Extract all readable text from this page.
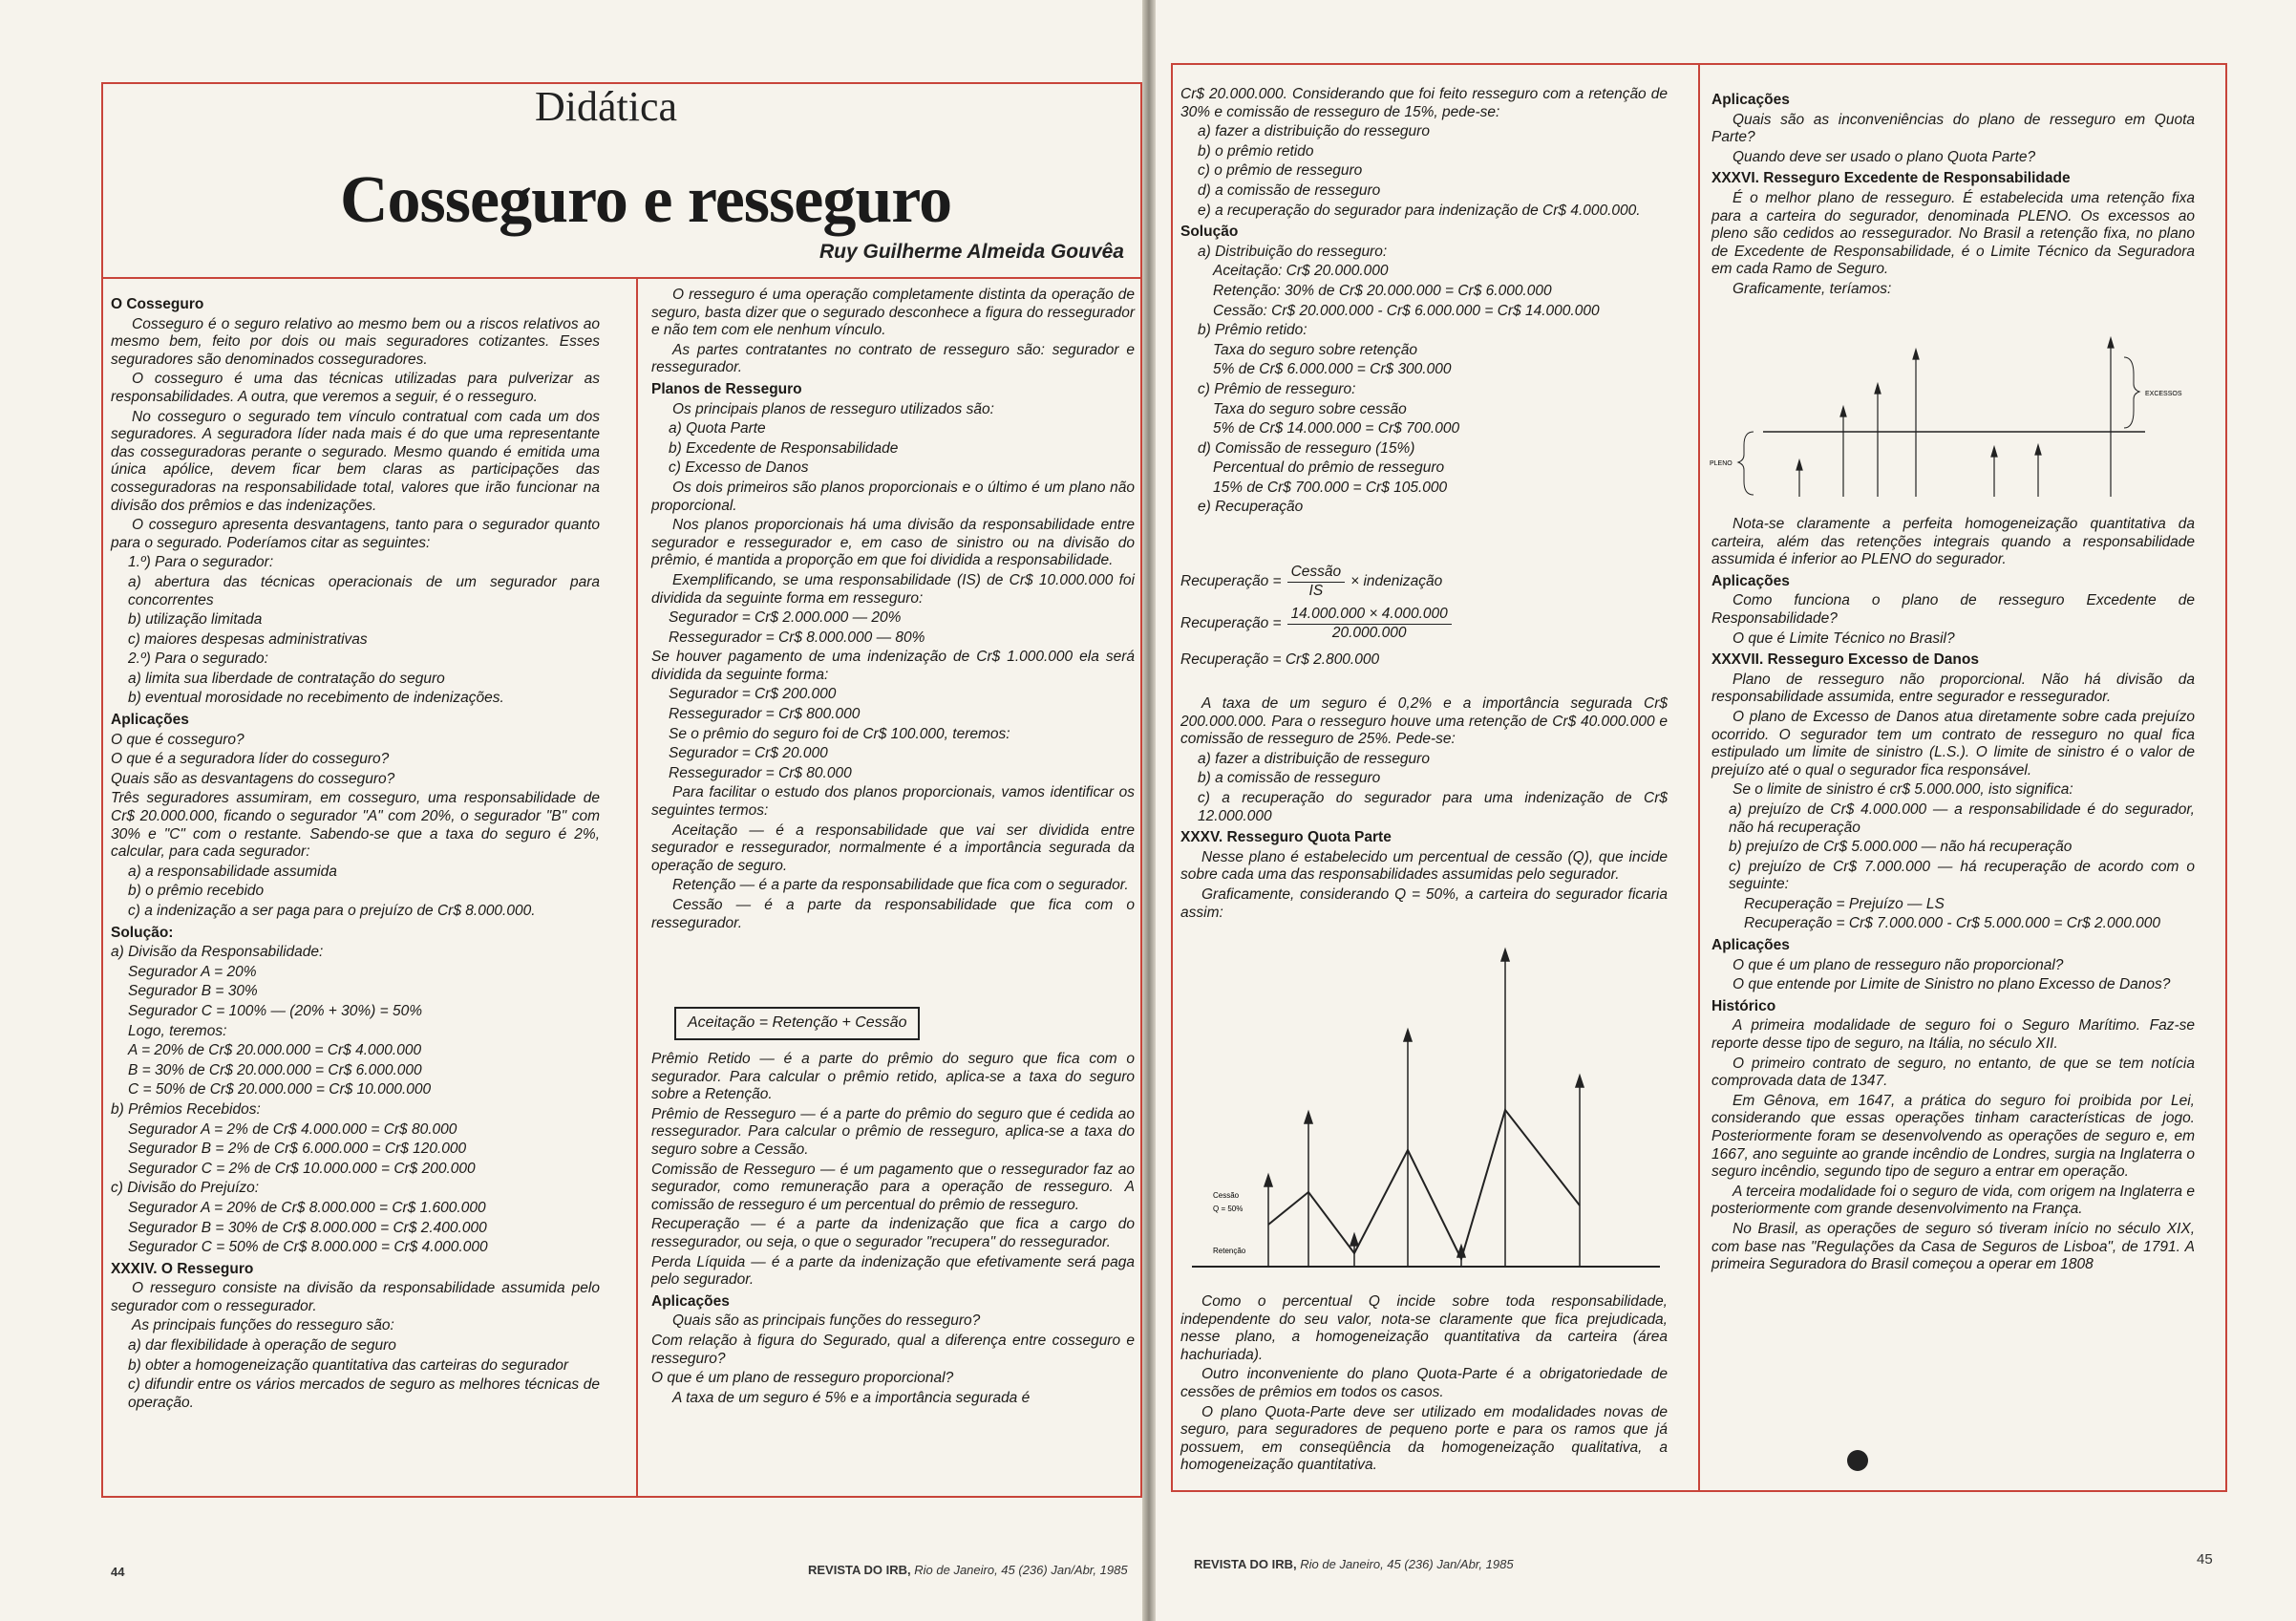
Didática
Cosseguro e resseguro
Ruy Guilherme Almeida Gouvêa

O Cosseguro

Cosseguro é o seguro relativo ao mesmo bem ou a riscos relativos ao mesmo bem, feito por dois ou mais seguradores cotizantes. Esses seguradores são denominados cosseguradores.

O cosseguro é uma das técnicas utilizadas para pulverizar as responsabilidades. A outra, que veremos a seguir, é o resseguro.

No cosseguro o segurado tem vínculo contratual com cada um dos seguradores. A seguradora líder nada mais é do que uma representante das cosseguradoras perante o segurado. Mesmo quando é emitida uma única apólice, devem ficar bem claras as participações das cosseguradoras na responsabilidade total, valores que irão funcionar na divisão dos prêmios e das indenizações.

O cosseguro apresenta desvantagens, tanto para o segurador quanto para o segurado. Poderíamos citar as seguintes:

1.º) Para o segurador:

a) abertura das técnicas operacionais de um segurador para concorrentes

b) utilização limitada

c) maiores despesas administrativas

2.º) Para o segurado:

a) limita sua liberdade de contratação do seguro

b) eventual morosidade no recebimento de indenizações.

Aplicações

O que é cosseguro?

O que é a seguradora líder do cosseguro?

Quais são as desvantagens do cosseguro?

Três seguradores assumiram, em cosseguro, uma responsabilidade de Cr$ 20.000.000, ficando o segurador "A" com 20%, o segurador "B" com 30% e "C" com o restante. Sabendo-se que a taxa do seguro é 2%, calcular, para cada segurador:

a) a responsabilidade assumida

b) o prêmio recebido

c) a indenização a ser paga para o prejuízo de Cr$ 8.000.000.

Solução:

a) Divisão da Responsabilidade:

Segurador A = 20%

Segurador B = 30%

Segurador C = 100% — (20% + 30%) = 50%

Logo, teremos:

A = 20% de Cr$ 20.000.000 = Cr$ 4.000.000

B = 30% de Cr$ 20.000.000 = Cr$ 6.000.000

C = 50% de Cr$ 20.000.000 = Cr$ 10.000.000

b) Prêmios Recebidos:

Segurador A = 2% de Cr$ 4.000.000 = Cr$ 80.000

Segurador B = 2% de Cr$ 6.000.000 = Cr$ 120.000

Segurador C = 2% de Cr$ 10.000.000 = Cr$ 200.000

c) Divisão do Prejuízo:

Segurador A = 20% de Cr$ 8.000.000 = Cr$ 1.600.000

Segurador B = 30% de Cr$ 8.000.000 = Cr$ 2.400.000

Segurador C = 50% de Cr$ 8.000.000 = Cr$ 4.000.000

XXXIV. O Resseguro

O resseguro consiste na divisão da responsabilidade assumida pelo segurador com o ressegurador.

As principais funções do resseguro são:

a) dar flexibilidade à operação de seguro

b) obter a homogeneização quantitativa das carteiras do segurador

c) difundir entre os vários mercados de seguro as melhores técnicas de operação.

O resseguro é uma operação completamente distinta da operação de seguro, basta dizer que o segurado desconhece a figura do ressegurador e não tem com ele nenhum vínculo.

As partes contratantes no contrato de resseguro são: segurador e ressegurador.

Planos de Resseguro

Os principais planos de resseguro utilizados são:

a) Quota Parte

b) Excedente de Responsabilidade

c) Excesso de Danos

Os dois primeiros são planos proporcionais e o último é um plano não proporcional.

Nos planos proporcionais há uma divisão da responsabilidade entre segurador e ressegurador e, em caso de sinistro ou na divisão do prêmio, é mantida a proporção em que foi dividida a responsabilidade.

Exemplificando, se uma responsabilidade (IS) de Cr$ 10.000.000 foi dividida da seguinte forma em resseguro:

Segurador = Cr$ 2.000.000 — 20%

Ressegurador = Cr$ 8.000.000 — 80%

Se houver pagamento de uma indenização de Cr$ 1.000.000 ela será dividida da seguinte forma:

Segurador = Cr$ 200.000

Ressegurador = Cr$ 800.000

Se o prêmio do seguro foi de Cr$ 100.000, teremos:

Segurador = Cr$ 20.000

Ressegurador = Cr$ 80.000

Para facilitar o estudo dos planos proporcionais, vamos identificar os seguintes termos:

Aceitação — é a responsabilidade que vai ser dividida entre segurador e ressegurador, normalmente é a importância segurada da operação de seguro.

Retenção — é a parte da responsabilidade que fica com o segurador.

Cessão — é a parte da responsabilidade que fica com o ressegurador.

Aceitação = Retenção + Cessão

Prêmio Retido — é a parte do prêmio do seguro que fica com o segurador. Para calcular o prêmio retido, aplica-se a taxa do seguro sobre a Retenção.

Prêmio de Resseguro — é a parte do prêmio do seguro que é cedida ao ressegurador. Para calcular o prêmio de resseguro, aplica-se a taxa do seguro sobre a Cessão.

Comissão de Resseguro — é um pagamento que o ressegurador faz ao segurador, como remuneração para a operação de resseguro. A comissão de resseguro é um percentual do prêmio de resseguro.

Recuperação — é a parte da indenização que fica a cargo do ressegurador, ou seja, o que o segurador "recupera" do ressegurador.

Perda Líquida — é a parte da indenização que efetivamente será paga pelo segurador.

Aplicações

Quais são as principais funções do resseguro?

Com relação à figura do Segurado, qual a diferença entre cosseguro e resseguro?

O que é um plano de resseguro proporcional?

A taxa de um seguro é 5% e a importância segurada é

44	REVISTA DO IRB, Rio de Janeiro, 45 (236) Jan/Abr, 1985

Cr$ 20.000.000. Considerando que foi feito resseguro com a retenção de 30% e comissão de resseguro de 15%, pede-se:

a) fazer a distribuição do resseguro

b) o prêmio retido

c) o prêmio de resseguro

d) a comissão de resseguro

e) a recuperação do segurador para indenização de Cr$ 4.000.000.

Solução

a) Distribuição do resseguro:

Aceitação: Cr$ 20.000.000

Retenção: 30% de Cr$ 20.000.000 = Cr$ 6.000.000

Cessão: Cr$ 20.000.000 - Cr$ 6.000.000 = Cr$ 14.000.000

b) Prêmio retido:

Taxa do seguro sobre retenção

5% de Cr$ 6.000.000 = Cr$ 300.000

c) Prêmio de resseguro:

Taxa do seguro sobre cessão

5% de Cr$ 14.000.000 = Cr$ 700.000

d) Comissão de resseguro (15%)

Percentual do prêmio de resseguro

15% de Cr$ 700.000 = Cr$ 105.000

e) Recuperação

Recuperação = $\frac{\text{Cessão}}{IS}$ × indenização
Recuperação = $\frac{14.000.000 \times 4.000.000}{20.000.000}$
Recuperação = Cr$ 2.800.000

A taxa de um seguro é 0,2% e a importância segurada Cr$ 200.000.000. Para o resseguro houve uma retenção de Cr$ 40.000.000 e comissão de resseguro de 25%. Pede-se:

a) fazer a distribuição de resseguro

b) a comissão de resseguro

c) a recuperação do segurador para uma indenização de Cr$ 12.000.000

XXXV. Resseguro Quota Parte

Nesse plano é estabelecido um percentual de cessão (Q), que incide sobre cada uma das responsabilidades assumidas pelo segurador.

Graficamente, considerando Q = 50%, a carteira do segurador ficaria assim:

Cessão
Q = 50%
Retenção

Como o percentual Q incide sobre toda responsabilidade, independente do seu valor, nota-se claramente que fica prejudicada, nesse plano, a homogeneização quantitativa da carteira (área hachuriada).

Outro inconveniente do plano Quota-Parte é a obrigatoriedade de cessões de prêmios em todos os casos.

O plano Quota-Parte deve ser utilizado em modalidades novas de seguro, para seguradores de pequeno porte e para os ramos que já possuem, em conseqüência da homogeneização qualitativa, a homogeneização quantitativa.

Aplicações

Quais são as inconveniências do plano de resseguro em Quota Parte?

Quando deve ser usado o plano Quota Parte?

XXXVI. Resseguro Excedente de Responsabilidade

É o melhor plano de resseguro. É estabelecida uma retenção fixa para a carteira do segurador, denominada PLENO. Os excessos ao pleno são cedidos ao ressegurador. No Brasil a retenção fixa, no plano de Excedente de Responsabilidade, é o Limite Técnico da Seguradora em cada Ramo de Seguro.

Graficamente, teríamos:

EXCESSOS
PLENO

Nota-se claramente a perfeita homogeneização quantitativa da carteira, além das retenções integrais quando a responsabilidade assumida é inferior ao PLENO do segurador.

Aplicações

Como funciona o plano de resseguro Excedente de Responsabilidade?

O que é Limite Técnico no Brasil?

XXXVII. Resseguro Excesso de Danos

Plano de resseguro não proporcional. Não há divisão da responsabilidade assumida, entre segurador e ressegurador.

O plano de Excesso de Danos atua diretamente sobre cada prejuízo ocorrido. O segurador tem um contrato de resseguro no qual fica estipulado um limite de sinistro (L.S.). O limite de sinistro é o valor de prejuízo até o qual o segurador fica responsável.

Se o limite de sinistro é cr$ 5.000.000, isto significa:

a) prejuízo de Cr$ 4.000.000 — a responsabilidade é do segurador, não há recuperação

b) prejuízo de Cr$ 5.000.000 — não há recuperação

c) prejuízo de Cr$ 7.000.000 — há recuperação de acordo com o seguinte:

Recuperação = Prejuízo — LS

Recuperação = Cr$ 7.000.000 - Cr$ 5.000.000 = Cr$ 2.000.000

Aplicações

O que é um plano de resseguro não proporcional?

O que entende por Limite de Sinistro no plano Excesso de Danos?

Histórico

A primeira modalidade de seguro foi o Seguro Marítimo. Faz-se reporte desse tipo de seguro, na Itália, no século XII.

O primeiro contrato de seguro, no entanto, de que se tem notícia comprovada data de 1347.

Em Gênova, em 1647, a prática do seguro foi proibida por Lei, considerando que essas operações tinham características de jogo. Posteriormente foram se desenvolvendo as operações de seguro e, em 1667, ano seguinte ao grande incêndio de Londres, surgia na Inglaterra o seguro incêndio, segundo tipo de seguro a entrar em operação.

A terceira modalidade foi o seguro de vida, com origem na Inglaterra e posteriormente com grande desenvolvimento na França.

No Brasil, as operações de seguro só tiveram início no século XIX, com base nas "Regulações da Casa de Seguros de Lisboa", de 1791. A primeira Seguradora do Brasil começou a operar em 1808

REVISTA DO IRB, Rio de Janeiro, 45 (236) Jan/Abr, 1985	45
